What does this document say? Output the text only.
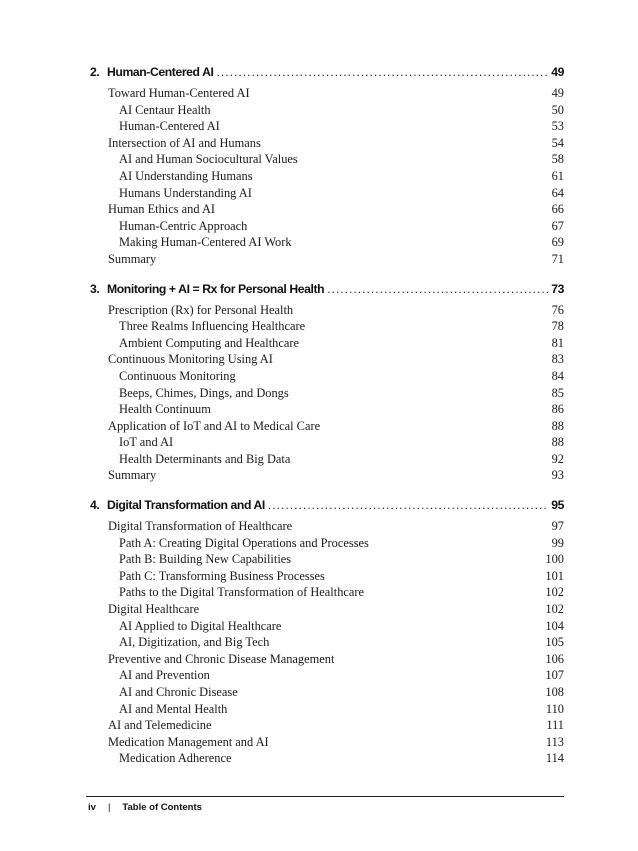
2. Human-Centered AI . . .	49
Toward Human-Centered AI	49
AI Centaur Health	50
Human-Centered AI	53
Intersection of AI and Humans	54
AI and Human Sociocultural Values	58
AI Understanding Humans	61
Humans Understanding AI	64
Human Ethics and AI	66
Human-Centric Approach	67
Making Human-Centered AI Work	69
Summary	71
3. Monitoring + AI = Rx for Personal Health . . .	73
Prescription (Rx) for Personal Health	76
Three Realms Influencing Healthcare	78
Ambient Computing and Healthcare	81
Continuous Monitoring Using AI	83
Continuous Monitoring	84
Beeps, Chimes, Dings, and Dongs	85
Health Continuum	86
Application of IoT and AI to Medical Care	88
IoT and AI	88
Health Determinants and Big Data	92
Summary	93
4. Digital Transformation and AI . . .	95
Digital Transformation of Healthcare	97
Path A: Creating Digital Operations and Processes	99
Path B: Building New Capabilities	100
Path C: Transforming Business Processes	101
Paths to the Digital Transformation of Healthcare	102
Digital Healthcare	102
AI Applied to Digital Healthcare	104
AI, Digitization, and Big Tech	105
Preventive and Chronic Disease Management	106
AI and Prevention	107
AI and Chronic Disease	108
AI and Mental Health	110
AI and Telemedicine	111
Medication Management and AI	113
Medication Adherence	114
iv | Table of Contents
